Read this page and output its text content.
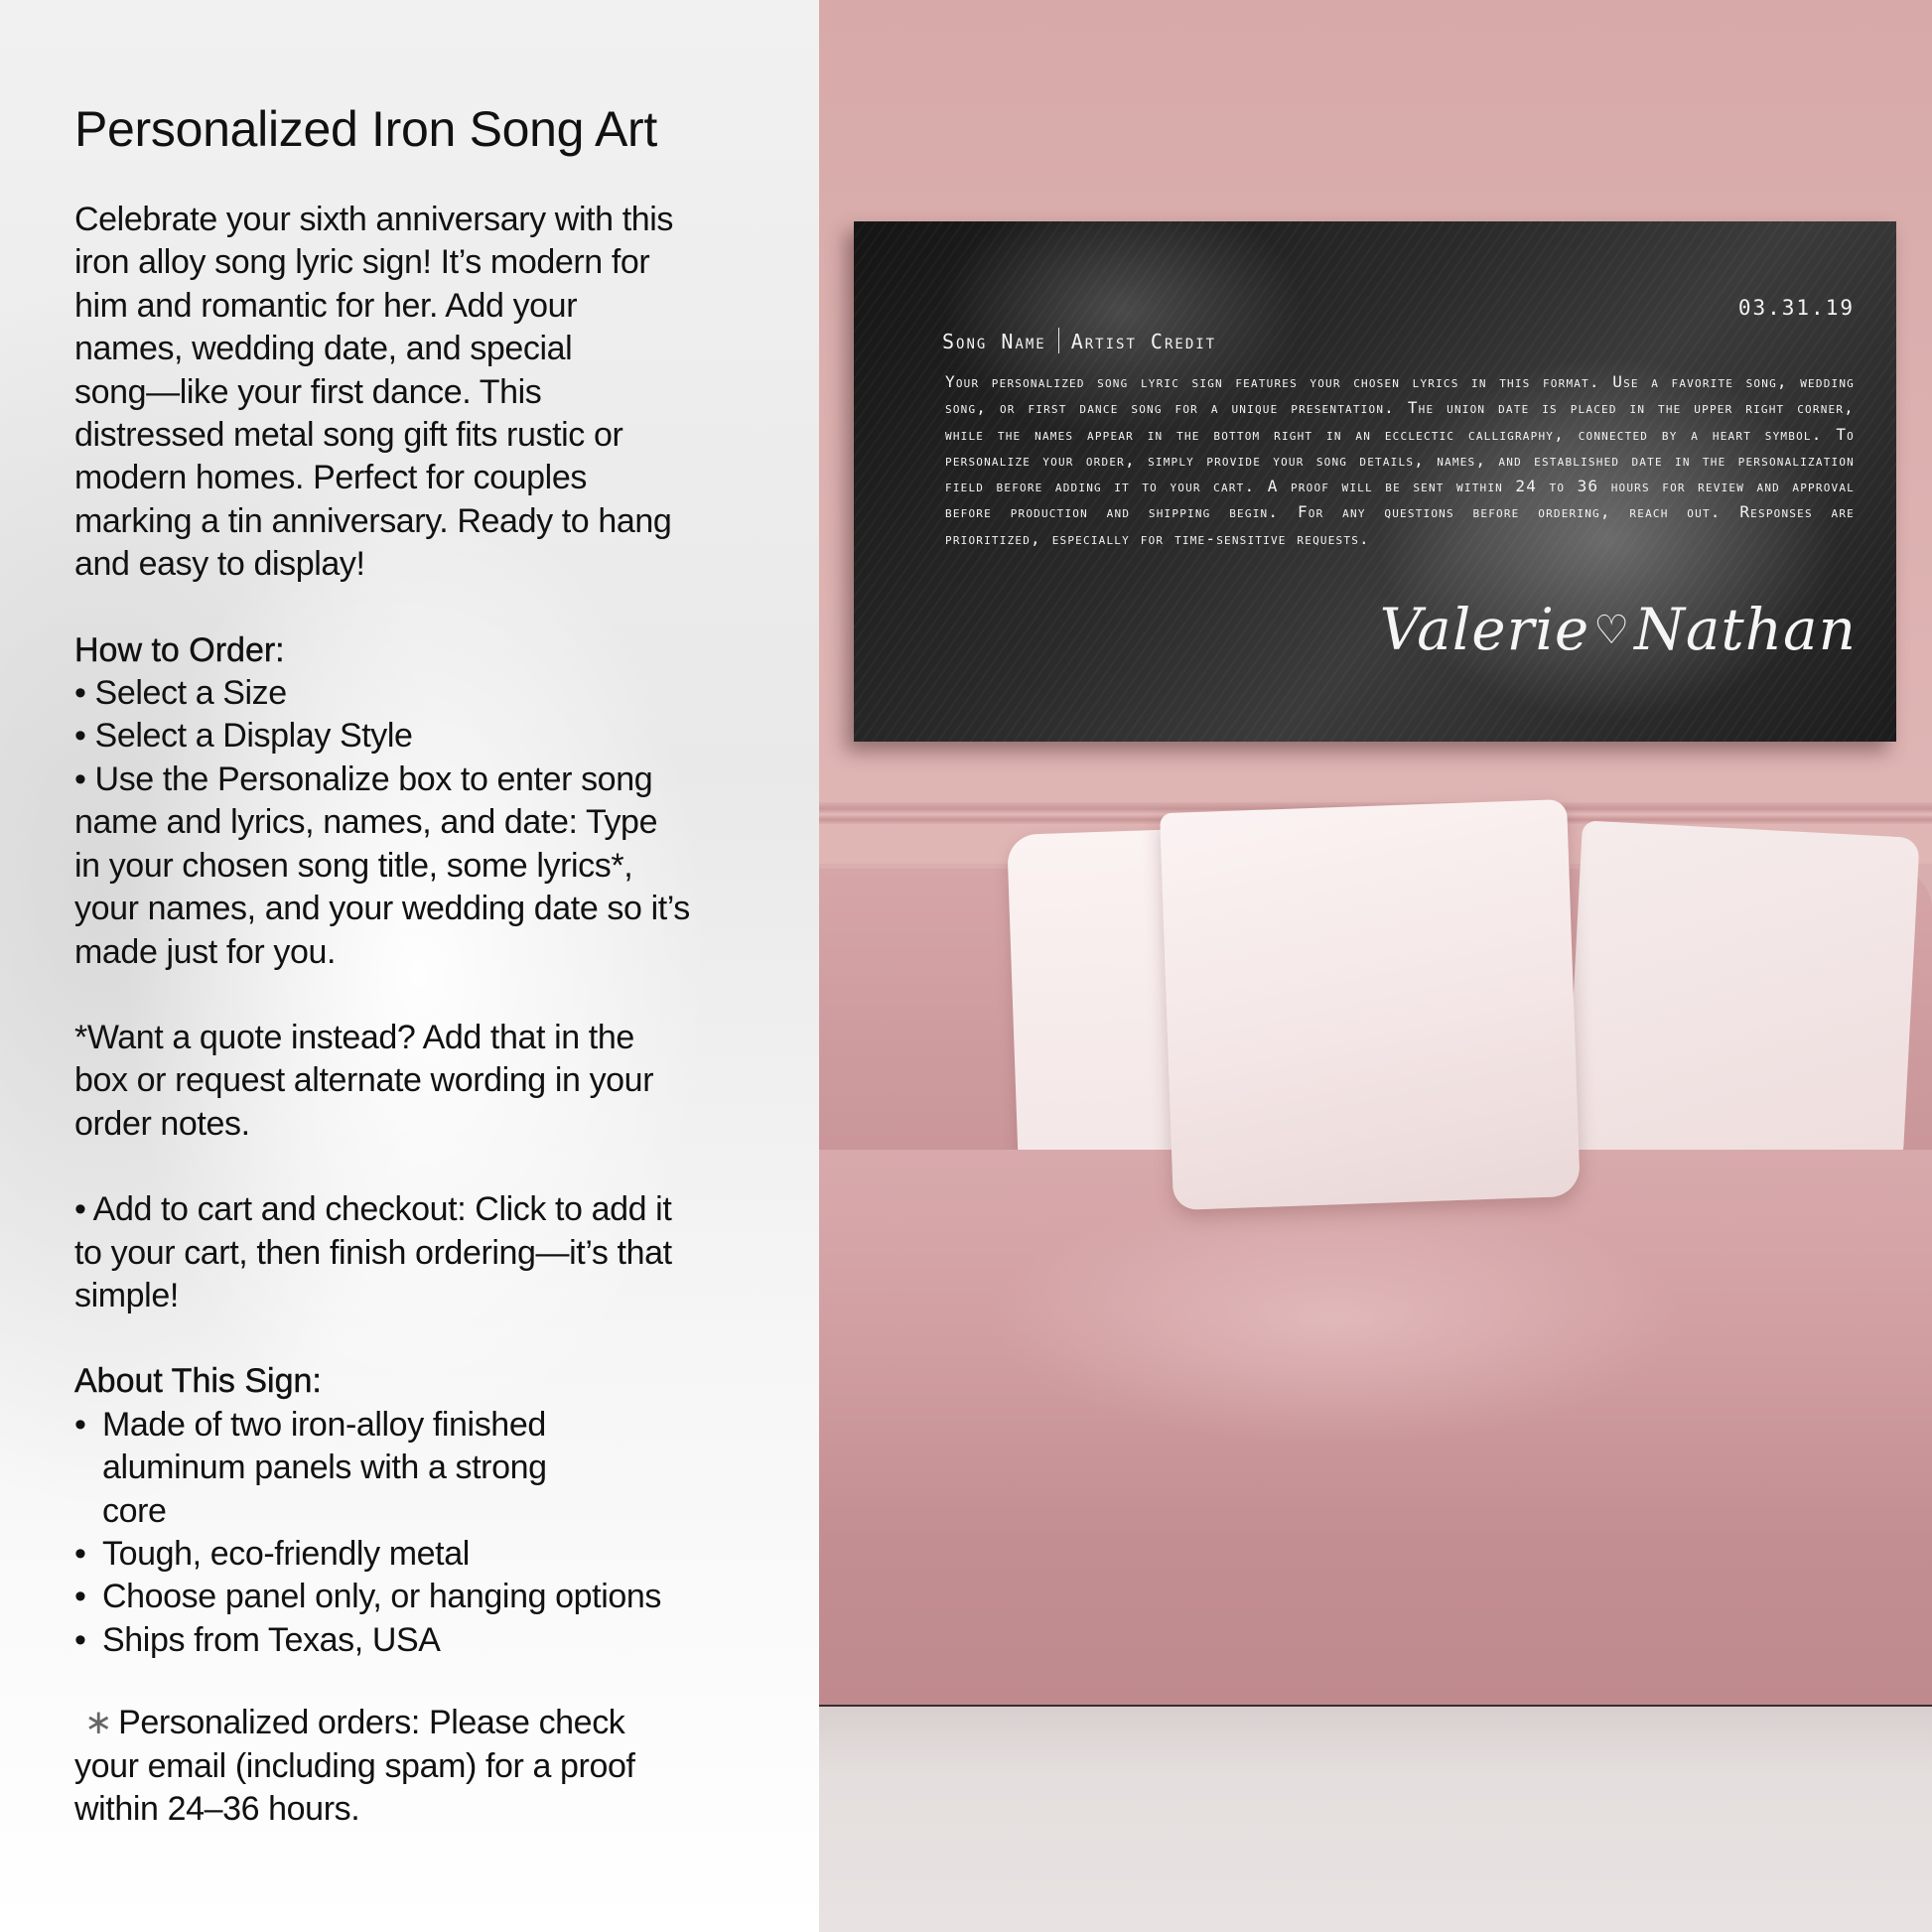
Personalized Iron Song Art

Celebrate your sixth anniversary with this

iron alloy song lyric sign! It’s modern for

him and romantic for her. Add your

names, wedding date, and special

song—like your first dance. This

distressed metal song gift fits rustic or

modern homes. Perfect for couples

marking a tin anniversary. Ready to hang

and easy to display!

How to Order:

• Select a Size

• Select a Display Style

• Use the Personalize box to enter song

name and lyrics, names, and date: Type

in your chosen song title, some lyrics*,

your names, and your wedding date so it’s

made just for you.

*Want a quote instead? Add that in the

box or request alternate wording in your

order notes.

• Add to cart and checkout: Click to add it

to your cart, then finish ordering—it’s that

simple!

About This Sign:

• Made of two iron-alloy finished aluminum panels with a strong core
• Tough, eco-friendly metal
• Choose panel only, or hanging options
• Ships from Texas, USA

∗ Personalized orders: Please check

your email (including spam) for a proof

within 24–36 hours.

03.31.19
Song Name Artist Credit
Your personalized song lyric sign features your chosen lyrics in this format. Use a favorite song, wedding song, or first dance song for a unique presentation. The union date is placed in the upper right corner, while the names appear in the bottom right in an ecclectic calligraphy, connected by a heart symbol. To personalize your order, simply provide your song details, names, and established date in the personalization field before adding it to your cart. A proof will be sent within 24 to 36 hours for review and approval before production and shipping begin. For any questions before ordering, reach out. Responses are prioritized, especially for time-sensitive requests.
Valerie ♡Nathan
